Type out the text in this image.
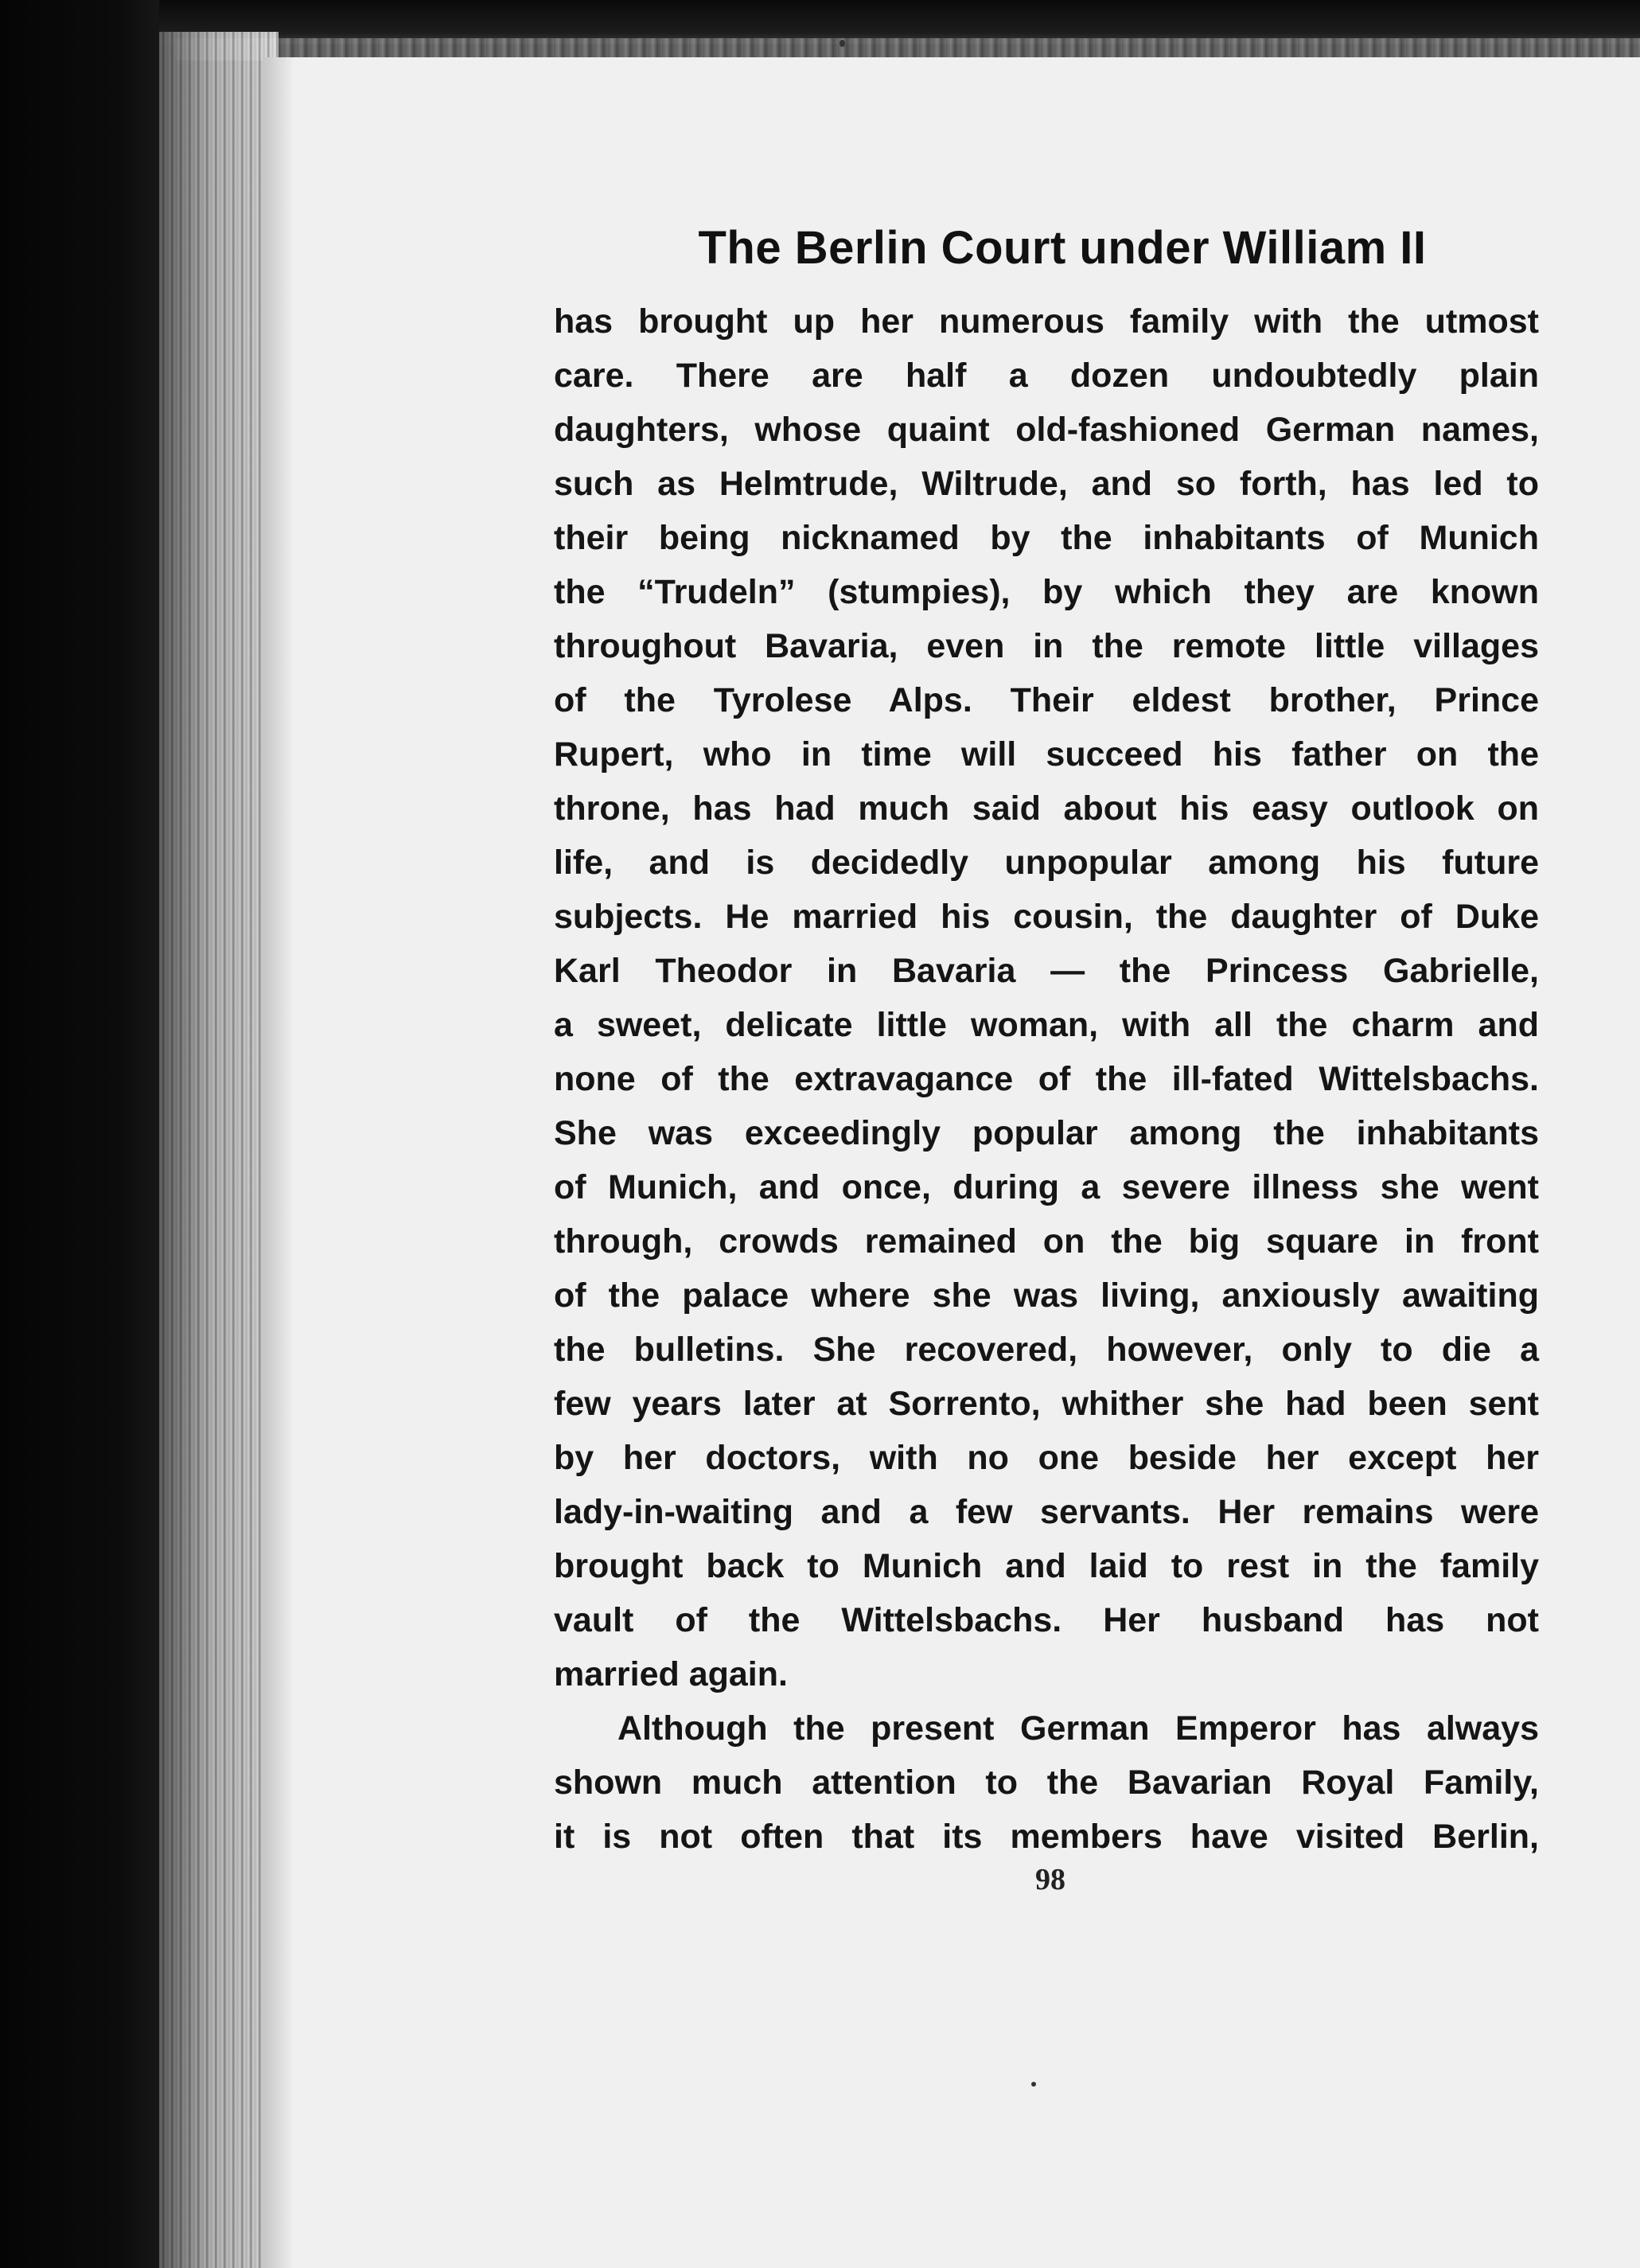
The Berlin Court under William II
has brought up her numerous family with the utmost
care. There are half a dozen undoubtedly plain
daughters, whose quaint old-fashioned German names,
such as Helmtrude, Wiltrude, and so forth, has led to
their being nicknamed by the inhabitants of Munich
the “Trudeln” (stumpies), by which they are known
throughout Bavaria, even in the remote little villages
of the Tyrolese Alps. Their eldest brother, Prince
Rupert, who in time will succeed his father on the
throne, has had much said about his easy outlook on
life, and is decidedly unpopular among his future
subjects. He married his cousin, the daughter of Duke
Karl Theodor in Bavaria — the Princess Gabrielle,
a sweet, delicate little woman, with all the charm and
none of the extravagance of the ill-fated Wittelsbachs.
She was exceedingly popular among the inhabitants
of Munich, and once, during a severe illness she went
through, crowds remained on the big square in front
of the palace where she was living, anxiously awaiting
the bulletins. She recovered, however, only to die a
few years later at Sorrento, whither she had been sent
by her doctors, with no one beside her except her
lady-in-waiting and a few servants. Her remains were
brought back to Munich and laid to rest in the family
vault of the Wittelsbachs. Her husband has not
married again.
Although the present German Emperor has always
shown much attention to the Bavarian Royal Family,
it is not often that its members have visited Berlin,
98
